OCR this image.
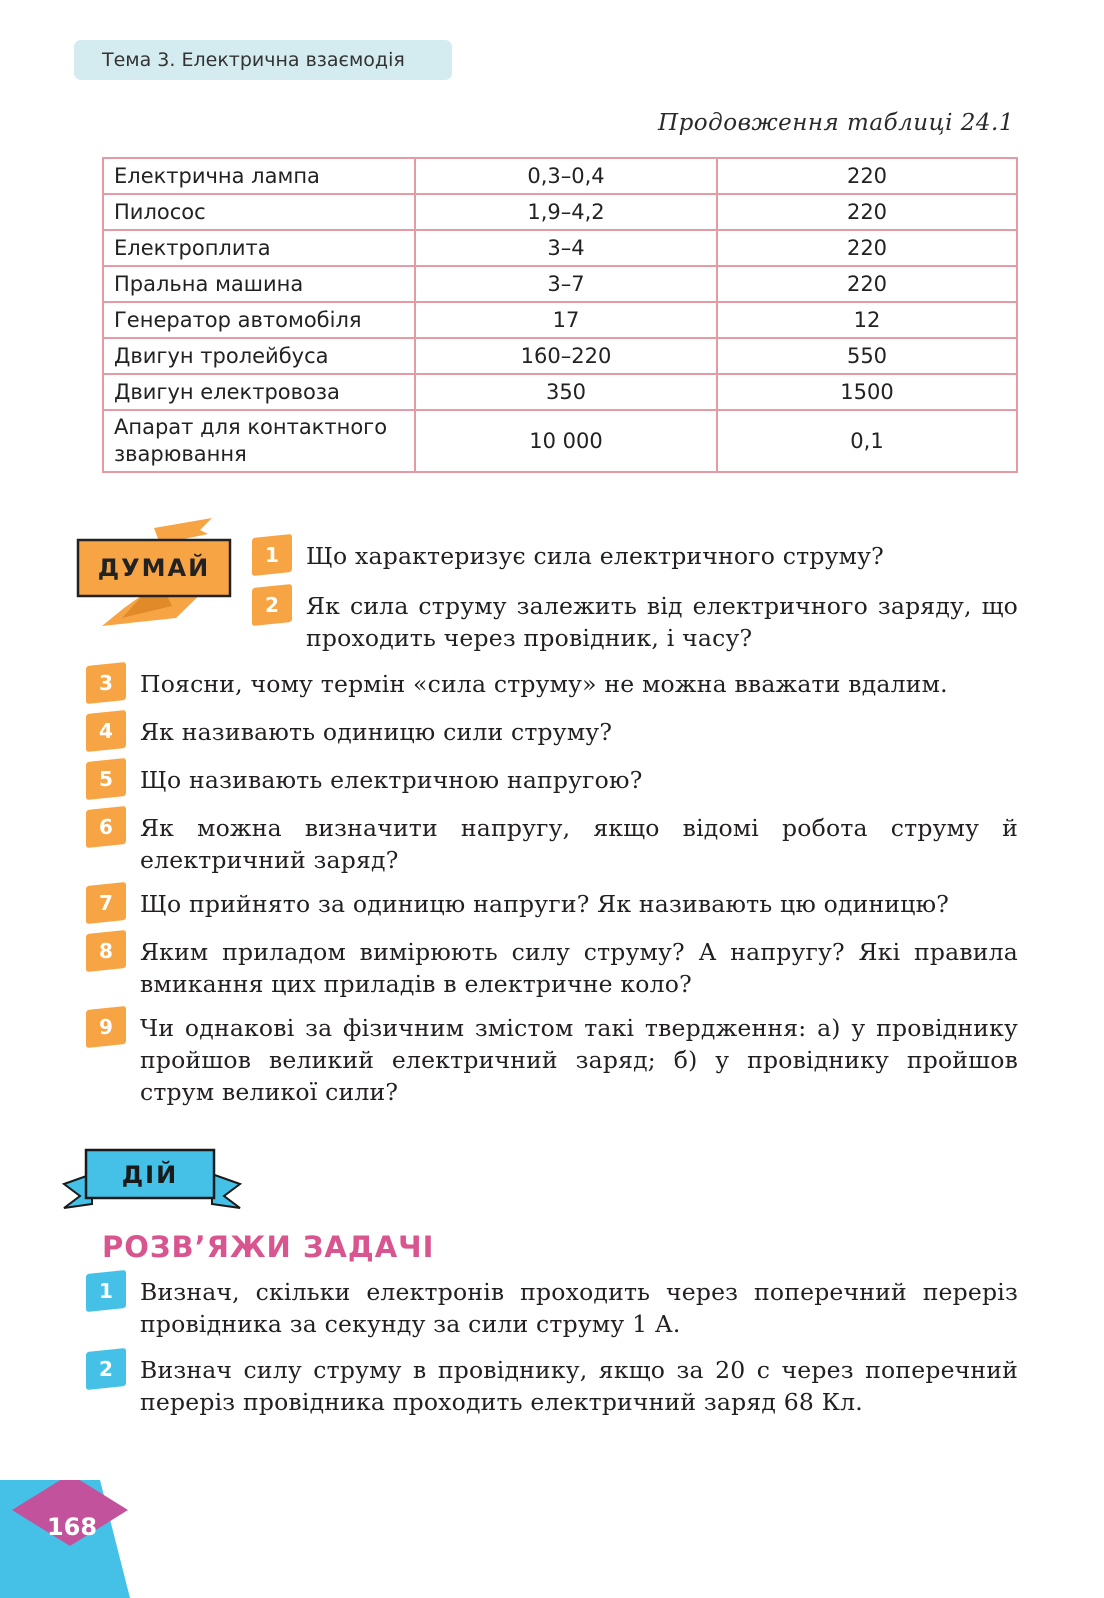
Тема 3. Електрична взаємодія
Продовження таблиці 24.1
Електрична лампа	0,3–0,4	220
Пилосос	1,9–4,2	220
Електроплита	3–4	220
Пральна машина	3–7	220
Генератор автомобіля	17	12
Двигун тролейбуса	160–220	550
Двигун електровоза	350	1500
Апарат для контактного зварювання	10 000	0,1
ДУМАЙ	1 Що характеризує сила електричного струму?
2 Як сила струму залежить від електричного заряду, що проходить через провідник, і часу?
3 Поясни, чому термін «сила струму» не можна вважати вдалим.
4 Як називають одиницю сили струму?
5 Що називають електричною напругою?
6 Як можна визначити напругу, якщо відомі робота струму й електричний заряд?
7 Що прийнято за одиницю напруги? Як називають цю одиницю?
8 Яким приладом вимірюють силу струму? А напругу? Які правила вмикання цих приладів в електричне коло?
9 Чи однакові за фізичним змістом такі твердження: а) у провіднику пройшов великий електричний заряд; б) у провіднику пройшов струм великої сили?
ДІЙ
РОЗВ’ЯЖИ ЗАДАЧІ
1 Визнач, скільки електронів проходить через поперечний переріз провідника за секунду за сили струму 1 А.
2 Визнач силу струму в провіднику, якщо за 20 с через поперечний переріз провідника проходить електричний заряд 68 Кл.
168
